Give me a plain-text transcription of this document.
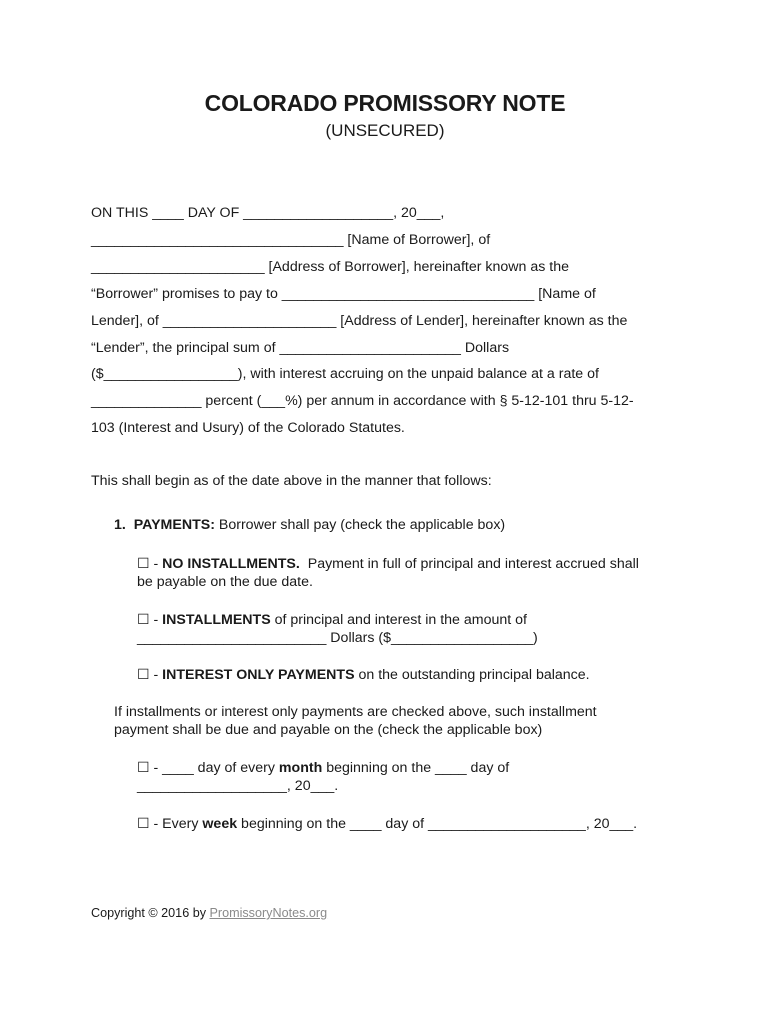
COLORADO PROMISSORY NOTE
(UNSECURED)
ON THIS ____ DAY OF ___________________, 20___,
________________________________ [Name of Borrower], of
______________________ [Address of Borrower], hereinafter known as the
“Borrower” promises to pay to ________________________________ [Name of
Lender], of ______________________ [Address of Lender], hereinafter known as the
“Lender”, the principal sum of _______________________ Dollars
($_________________), with interest accruing on the unpaid balance at a rate of
______________ percent (___%) per annum in accordance with § 5-12-101 thru 5-12-
103 (Interest and Usury) of the Colorado Statutes.
This shall begin as of the date above in the manner that follows:
1. PAYMENTS: Borrower shall pay (check the applicable box)
☐ - NO INSTALLMENTS.  Payment in full of principal and interest accrued shall
be payable on the due date.
☐ - INSTALLMENTS of principal and interest in the amount of
________________________ Dollars ($__________________)
☐ - INTEREST ONLY PAYMENTS on the outstanding principal balance.
If installments or interest only payments are checked above, such installment
payment shall be due and payable on the (check the applicable box)
☐ - ____ day of every month beginning on the ____ day of
___________________, 20___.
☐ - Every week beginning on the ____ day of ____________________, 20___.
Copyright © 2016 by PromissoryNotes.org
